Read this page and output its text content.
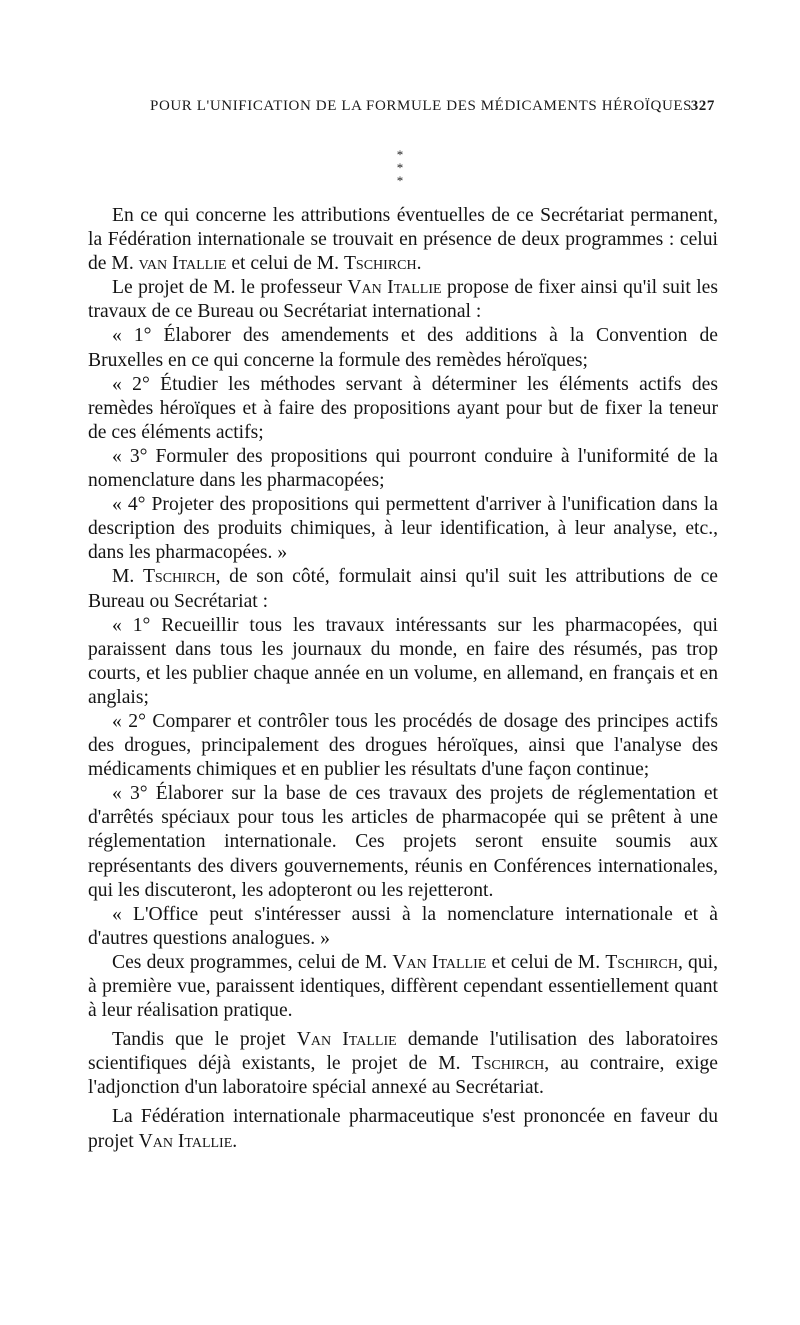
POUR L'UNIFICATION DE LA FORMULE DES MÉDICAMENTS HÉROÏQUES
327
*
* *

En ce qui concerne les attributions éventuelles de ce Secrétariat permanent, la Fédération internationale se trouvait en présence de deux programmes : celui de M. van Itallie et celui de M. Tschirch.

Le projet de M. le professeur Van Itallie propose de fixer ainsi qu'il suit les travaux de ce Bureau ou Secrétariat international :

« 1° Élaborer des amendements et des additions à la Convention de Bruxelles en ce qui concerne la formule des remèdes héroïques;

« 2° Étudier les méthodes servant à déterminer les éléments actifs des remèdes héroïques et à faire des propositions ayant pour but de fixer la teneur de ces éléments actifs;

« 3° Formuler des propositions qui pourront conduire à l'uniformité de la nomenclature dans les pharmacopées;

« 4° Projeter des propositions qui permettent d'arriver à l'unification dans la description des produits chimiques, à leur identification, à leur analyse, etc., dans les pharmacopées. »

M. Tschirch, de son côté, formulait ainsi qu'il suit les attributions de ce Bureau ou Secrétariat :

« 1° Recueillir tous les travaux intéressants sur les pharmacopées, qui paraissent dans tous les journaux du monde, en faire des résumés, pas trop courts, et les publier chaque année en un volume, en allemand, en français et en anglais;

« 2° Comparer et contrôler tous les procédés de dosage des principes actifs des drogues, principalement des drogues héroïques, ainsi que l'analyse des médicaments chimiques et en publier les résultats d'une façon continue;

« 3° Élaborer sur la base de ces travaux des projets de réglementation et d'arrêtés spéciaux pour tous les articles de pharmacopée qui se prêtent à une réglementation internationale. Ces projets seront ensuite soumis aux représentants des divers gouvernements, réunis en Conférences internationales, qui les discuteront, les adopteront ou les rejetteront.

« L'Office peut s'intéresser aussi à la nomenclature internationale et à d'autres questions analogues. »

Ces deux programmes, celui de M. Van Itallie et celui de M. Tschirch, qui, à première vue, paraissent identiques, diffèrent cependant essentiellement quant à leur réalisation pratique.

Tandis que le projet Van Itallie demande l'utilisation des laboratoires scientifiques déjà existants, le projet de M. Tschirch, au contraire, exige l'adjonction d'un laboratoire spécial annexé au Secrétariat.

La Fédération internationale pharmaceutique s'est prononcée en faveur du projet Van Itallie.
